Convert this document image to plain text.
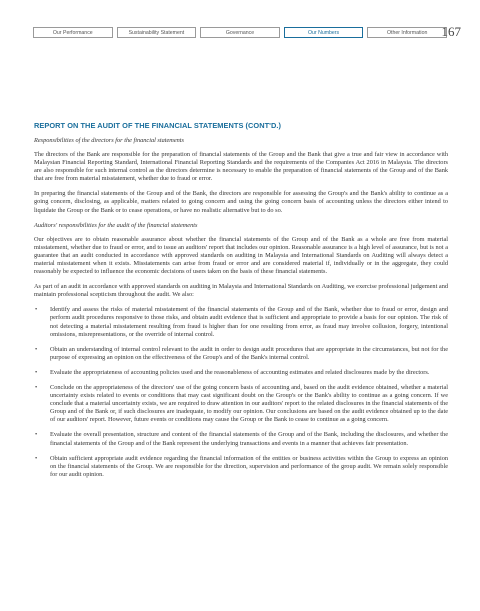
Our Performance	Sustainability Statement	Governance	Our Numbers	Other Information	167
REPORT ON THE AUDIT OF THE FINANCIAL STATEMENTS (CONT'D.)
Responsibilities of the directors for the financial statements

The directors of the Bank are responsible for the preparation of financial statements of the Group and the Bank that give a true and fair view in accordance with Malaysian Financial Reporting Standard, International Financial Reporting Standards and the requirements of the Companies Act 2016 in Malaysia. The directors are also responsible for such internal control as the directors determine is necessary to enable the preparation of financial statements of the Group and of the Bank that are free from material misstatement, whether due to fraud or error.

In preparing the financial statements of the Group and of the Bank, the directors are responsible for assessing the Group's and the Bank's ability to continue as a going concern, disclosing, as applicable, matters related to going concern and using the going concern basis of accounting unless the directors either intend to liquidate the Group or the Bank or to cease operations, or have no realistic alternative but to do so.

Auditors' responsibilities for the audit of the financial statements

Our objectives are to obtain reasonable assurance about whether the financial statements of the Group and of the Bank as a whole are free from material misstatement, whether due to fraud or error, and to issue an auditors' report that includes our opinion. Reasonable assurance is a high level of assurance, but is not a guarantee that an audit conducted in accordance with approved standards on auditing in Malaysia and International Standards on Auditing will always detect a material misstatement when it exists. Misstatements can arise from fraud or error and are considered material if, individually or in the aggregate, they could reasonably be expected to influence the economic decisions of users taken on the basis of these financial statements.

As part of an audit in accordance with approved standards on auditing in Malaysia and International Standards on Auditing, we exercise professional judgement and maintain professional scepticism throughout the audit. We also:

• Identify and assess the risks of material misstatement of the financial statements of the Group and of the Bank, whether due to fraud or error, design and perform audit procedures responsive to those risks, and obtain audit evidence that is sufficient and appropriate to provide a basis for our opinion. The risk of not detecting a material misstatement resulting from fraud is higher than for one resulting from error, as fraud may involve collusion, forgery, intentional omissions, misrepresentations, or the override of internal control.
• Obtain an understanding of internal control relevant to the audit in order to design audit procedures that are appropriate in the circumstances, but not for the purpose of expressing an opinion on the effectiveness of the Group's and of the Bank's internal control.
• Evaluate the appropriateness of accounting policies used and the reasonableness of accounting estimates and related disclosures made by the directors.
• Conclude on the appropriateness of the directors' use of the going concern basis of accounting and, based on the audit evidence obtained, whether a material uncertainty exists related to events or conditions that may cast significant doubt on the Group's or the Bank's ability to continue as a going concern. If we conclude that a material uncertainty exists, we are required to draw attention in our auditors' report to the related disclosures in the financial statements of the Group and of the Bank or, if such disclosures are inadequate, to modify our opinion. Our conclusions are based on the audit evidence obtained up to the date of our auditors' report. However, future events or conditions may cause the Group or the Bank to cease to continue as a going concern.
• Evaluate the overall presentation, structure and content of the financial statements of the Group and of the Bank, including the disclosures, and whether the financial statements of the Group and of the Bank represent the underlying transactions and events in a manner that achieves fair presentation.
• Obtain sufficient appropriate audit evidence regarding the financial information of the entities or business activities within the Group to express an opinion on the financial statements of the Group. We are responsible for the direction, supervision and performance of the group audit. We remain solely responsible for our audit opinion.
